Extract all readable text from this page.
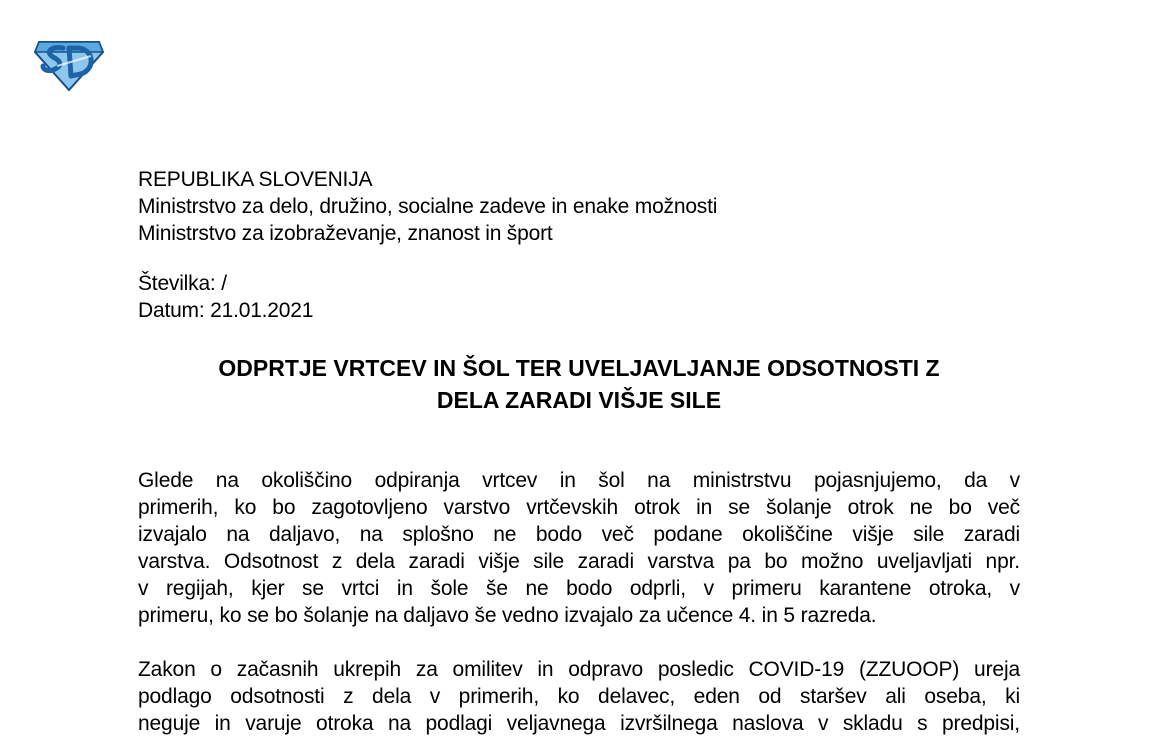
REPUBLIKA SLOVENIJA
Ministrstvo za delo, družino, socialne zadeve in enake možnosti
Ministrstvo za izobraževanje, znanost in šport
Številka: /
Datum: 21.01.2021
ODPRTJE VRTCEV IN ŠOL TER UVELJAVLJANJE ODSOTNOSTI Z
DELA ZARADI VIŠJE SILE
Glede na okoliščino odpiranja vrtcev in šol na ministrstvu pojasnjujemo, da v
primerih, ko bo zagotovljeno varstvo vrtčevskih otrok in se šolanje otrok ne bo več
izvajalo na daljavo, na splošno ne bodo več podane okoliščine višje sile zaradi
varstva. Odsotnost z dela zaradi višje sile zaradi varstva pa bo možno uveljavljati npr.
v regijah, kjer se vrtci in šole še ne bodo odprli, v primeru karantene otroka, v
primeru, ko se bo šolanje na daljavo še vedno izvajalo za učence 4. in 5 razreda.
Zakon o začasnih ukrepih za omilitev in odpravo posledic COVID-19 (ZZUOOP) ureja
podlago odsotnosti z dela v primerih, ko delavec, eden od staršev ali oseba, ki
neguje in varuje otroka na podlagi veljavnega izvršilnega naslova v skladu s predpisi,
